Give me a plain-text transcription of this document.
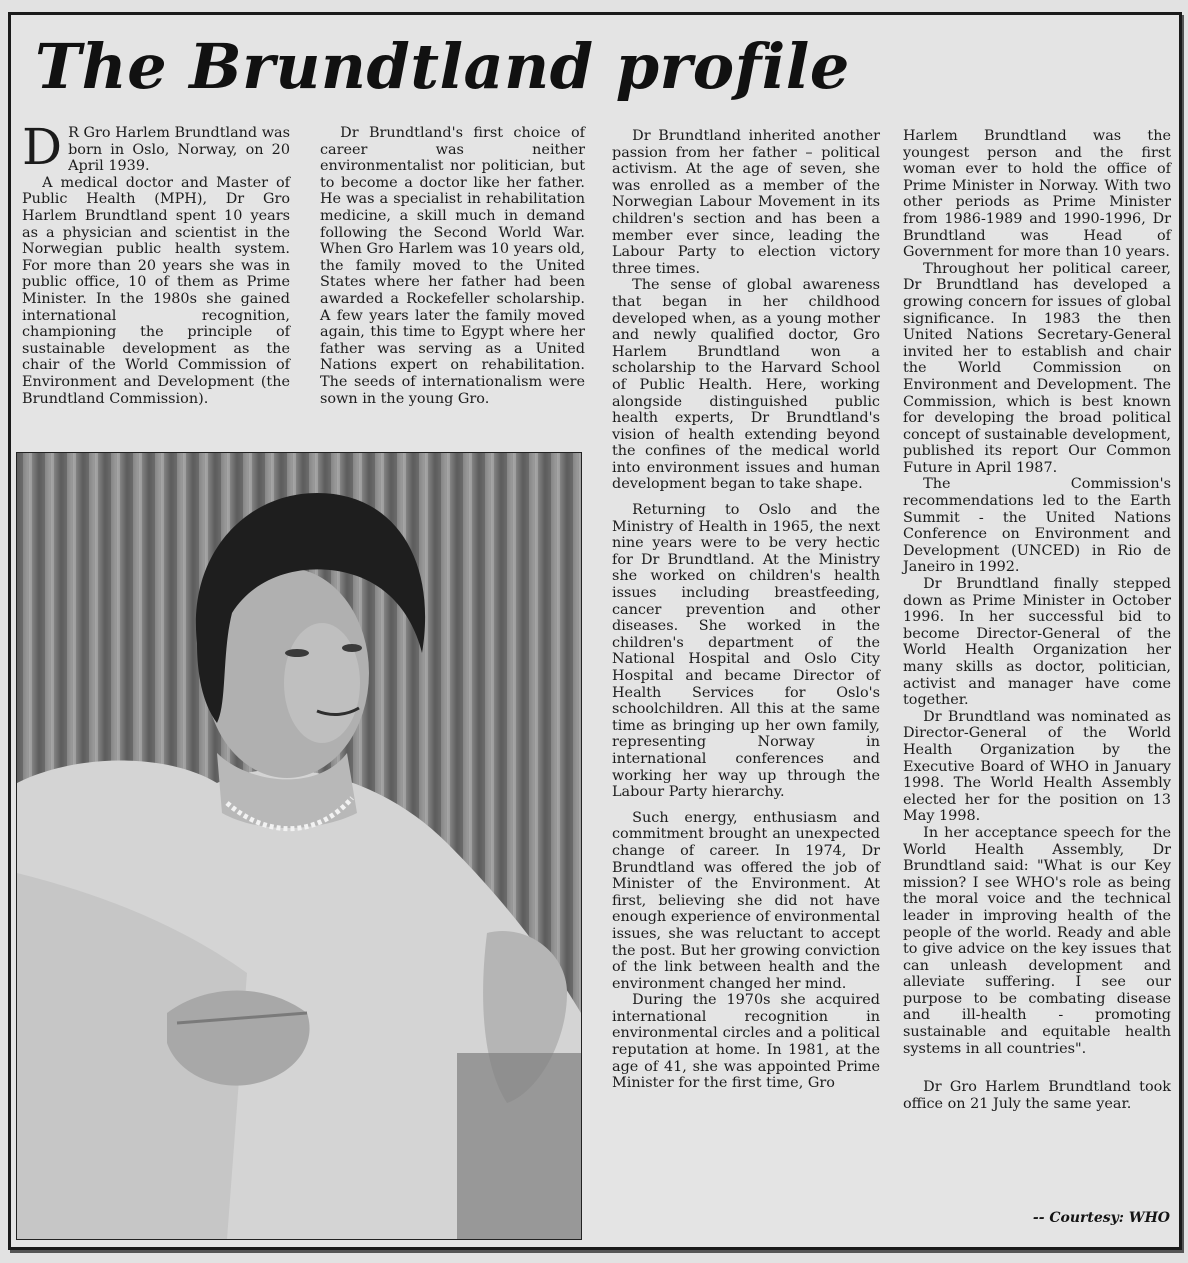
The Brundtland profile

D R Gro Harlem Brundtland was born in Oslo, Norway, on 20 April 1939.

A medical doctor and Master of Public Health (MPH), Dr Gro Harlem Brundtland spent 10 years as a physician and scientist in the Norwegian public health system. For more than 20 years she was in public office, 10 of them as Prime Minister. In the 1980s she gained international recognition, championing the principle of sustainable development as the chair of the World Commission of Environment and Development (the Brundtland Commission).

Dr Brundtland's first choice of career was neither environmentalist nor politician, but to become a doctor like her father. He was a specialist in rehabilitation medicine, a skill much in demand following the Second World War. When Gro Harlem was 10 years old, the family moved to the United States where her father had been awarded a Rockefeller scholarship. A few years later the family moved again, this time to Egypt where her father was serving as a United Nations expert on rehabilitation. The seeds of internationalism were sown in the young Gro.

Dr Brundtland inherited another passion from her father – political activism. At the age of seven, she was enrolled as a member of the Norwegian Labour Movement in its children's section and has been a member ever since, leading the Labour Party to election victory three times.

The sense of global awareness that began in her childhood developed when, as a young mother and newly qualified doctor, Gro Harlem Brundtland won a scholarship to the Harvard School of Public Health. Here, working alongside distinguished public health experts, Dr Brundtland's vision of health extending beyond the confines of the medical world into environment issues and human development began to take shape.

Returning to Oslo and the Ministry of Health in 1965, the next nine years were to be very hectic for Dr Brundtland. At the Ministry she worked on children's health issues including breastfeeding, cancer prevention and other diseases. She worked in the children's department of the National Hospital and Oslo City Hospital and became Director of Health Services for Oslo's schoolchildren. All this at the same time as bringing up her own family, representing Norway in international conferences and working her way up through the Labour Party hierarchy.

Such energy, enthusiasm and commitment brought an unexpected change of career. In 1974, Dr Brundtland was offered the job of Minister of the Environment. At first, believing she did not have enough experience of environmental issues, she was reluctant to accept the post. But her growing conviction of the link between health and the environment changed her mind.

During the 1970s she acquired international recognition in environmental circles and a political reputation at home. In 1981, at the age of 41, she was appointed Prime Minister for the first time, Gro

Harlem Brundtland was the youngest person and the first woman ever to hold the office of Prime Minister in Norway. With two other periods as Prime Minister from 1986-1989 and 1990-1996, Dr Brundtland was Head of Government for more than 10 years.

Throughout her political career, Dr Brundtland has developed a growing concern for issues of global significance. In 1983 the then United Nations Secretary-General invited her to establish and chair the World Commission on Environment and Development. The Commission, which is best known for developing the broad political concept of sustainable development, published its report Our Common Future in April 1987.

The Commission's recommendations led to the Earth Summit - the United Nations Conference on Environment and Development (UNCED) in Rio de Janeiro in 1992.

Dr Brundtland finally stepped down as Prime Minister in October 1996. In her successful bid to become Director-General of the World Health Organization her many skills as doctor, politician, activist and manager have come together.

Dr Brundtland was nominated as Director-General of the World Health Organization by the Executive Board of WHO in January 1998. The World Health Assembly elected her for the position on 13 May 1998.

In her acceptance speech for the World Health Assembly, Dr Brundtland said: "What is our Key mission? I see WHO's role as being the moral voice and the technical leader in improving health of the people of the world. Ready and able to give advice on the key issues that can unleash development and alleviate suffering. I see our purpose to be combating disease and ill-health - promoting sustainable and equitable health systems in all countries".

Dr Gro Harlem Brundtland took office on 21 July the same year.

-- Courtesy: WHO
